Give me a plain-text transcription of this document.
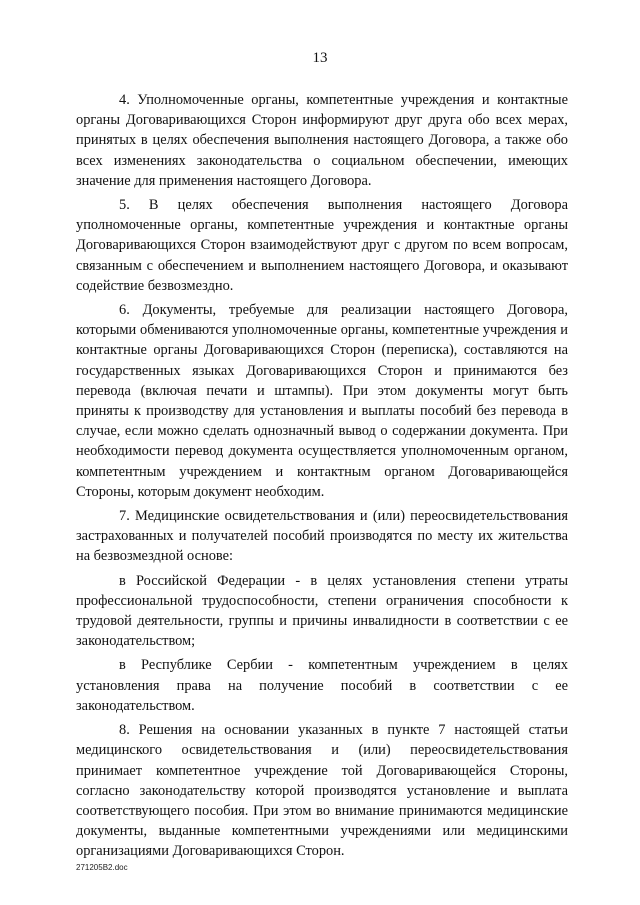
13

4. Уполномоченные органы, компетентные учреждения и контактные органы Договаривающихся Сторон информируют друг друга обо всех мерах, принятых в целях обеспечения выполнения настоящего Договора, а также обо всех изменениях законодательства о социальном обеспечении, имеющих значение для применения настоящего Договора.

5. В целях обеспечения выполнения настоящего Договора уполномоченные органы, компетентные учреждения и контактные органы Договаривающихся Сторон взаимодействуют друг с другом по всем вопросам, связанным с обеспечением и выполнением настоящего Договора, и оказывают содействие безвозмездно.

6. Документы, требуемые для реализации настоящего Договора, которыми обмениваются уполномоченные органы, компетентные учреждения и контактные органы Договаривающихся Сторон (переписка), составляются на государственных языках Договаривающихся Сторон и принимаются без перевода (включая печати и штампы). При этом документы могут быть приняты к производству для установления и выплаты пособий без перевода в случае, если можно сделать однозначный вывод о содержании документа. При необходимости перевод документа осуществляется уполномоченным органом, компетентным учреждением и контактным органом Договаривающейся Стороны, которым документ необходим.

7. Медицинские освидетельствования и (или) переосвидетельствования застрахованных и получателей пособий производятся по месту их жительства на безвозмездной основе:

в Российской Федерации - в целях установления степени утраты профессиональной трудоспособности, степени ограничения способности к трудовой деятельности, группы и причины инвалидности в соответствии с ее законодательством;

в Республике Сербии - компетентным учреждением в целях установления права на получение пособий в соответствии с ее законодательством.

8. Решения на основании указанных в пункте 7 настоящей статьи медицинского освидетельствования и (или) переосвидетельствования принимает компетентное учреждение той Договаривающейся Стороны, согласно законодательству которой производятся установление и выплата соответствующего пособия. При этом во внимание принимаются медицинские документы, выданные компетентными учреждениями или медицинскими организациями Договаривающихся Сторон.

271205В2.doc
